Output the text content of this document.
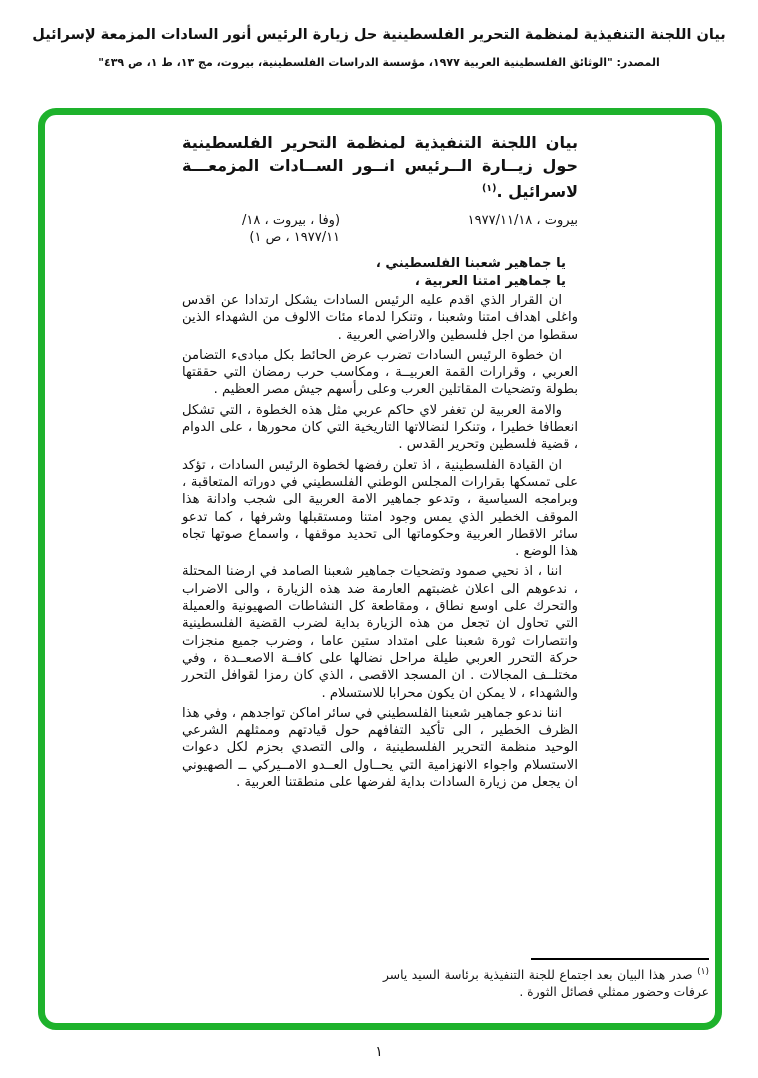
بيان اللجنة التنفيذية لمنظمة التحرير الفلسطينية حل زيارة الرئيس أنور السادات المزمعة لإسرائيل
المصدر: "الوثائق الفلسطينية العربية ١٩٧٧، مؤسسة الدراسات الفلسطينية، بيروت، مج ١٣، ط ١، ص ٤٣٩"
بيان اللجنة التنفيذية لمنظمة التحرير الفلسطينية
حول زيــارة الــرئيس انــور الســادات المزمعـــة
لاسرائيل .$^{(١)}$
بيروت ، ١٩٧٧/١١/١٨
(وفا ، بيروت ، ١٨/
١٩٧٧/١١ ، ص ١)
يا جماهير شعبنا الفلسطيني ،
يا جماهير امتنا العربية ،

ان القرار الذي اقدم عليه الرئيس السادات يشكل ارتدادا عن اقدس واغلى اهداف امتنا وشعبنا ، وتنكرا لدماء مئات الالوف من الشهداء الذين سقطوا من اجل فلسطين والاراضي العربية .

ان خطوة الرئيس السادات تضرب عرض الحائط بكل مبادىء التضامن العربي ، وقرارات القمة العربيــة ، ومكاسب حرب رمضان التي حققتها بطولة وتضحيات المقاتلين العرب وعلى رأسهم جيش مصر العظيم .

والامة العربية لن تغفر لاي حاكم عربي مثل هذه الخطوة ، التي تشكل انعطافا خطيرا ، وتنكرا لنضالاتها التاريخية التي كان محورها ، على الدوام ، قضية فلسطين وتحرير القدس .

ان القيادة الفلسطينية ، اذ تعلن رفضها لخطوة الرئيس السادات ، تؤكد على تمسكها بقرارات المجلس الوطني الفلسطيني في دوراته المتعاقبة ، وبرامجه السياسية ، وتدعو جماهير الامة العربية الى شجب وادانة هذا الموقف الخطير الذي يمس وجود امتنا ومستقبلها وشرفها ، كما تدعو سائر الاقطار العربية وحكوماتها الى تحديد موقفها ، واسماع صوتها تجاه هذا الوضع .

اننا ، اذ نحيي صمود وتضحيات جماهير شعبنا الصامد في ارضنا المحتلة ، ندعوهم الى اعلان غضبتهم العارمة ضد هذه الزيارة ، والى الاضراب والتحرك على اوسع نطاق ، ومقاطعة كل النشاطات الصهيونية والعميلة التي تحاول ان تجعل من هذه الزيارة بداية لضرب القضية الفلسطينية وانتصارات ثورة شعبنا على امتداد ستين عاما ، وضرب جميع منجزات حركة التحرر العربي طيلة مراحل نضالها على كافــة الاصعــدة ، وفي مختلــف المجالات . ان المسجد الاقصى ، الذي كان رمزا لقوافل التحرر والشهداء ، لا يمكن ان يكون محرابا للاستسلام .

اننا ندعو جماهير شعبنا الفلسطيني في سائر اماكن تواجدهم ، وفي هذا الظرف الخطير ، الى تأكيد التفافهم حول قيادتهم وممثلهم الشرعي الوحيد منظمة التحرير الفلسطينية ، والى التصدي بحزم لكل دعوات الاستسلام واجواء الانهزامية التي يحــاول العــدو الامــيركي ــ الصهيوني ان يجعل من زيارة السادات بداية لفرضها على منطقتنا العربية .

$^{(١)}$ صدر هذا البيان بعد اجتماع للجنة التنفيذية برئاسة السيد ياسر عرفات وحضور ممثلي فصائل الثورة .
١
